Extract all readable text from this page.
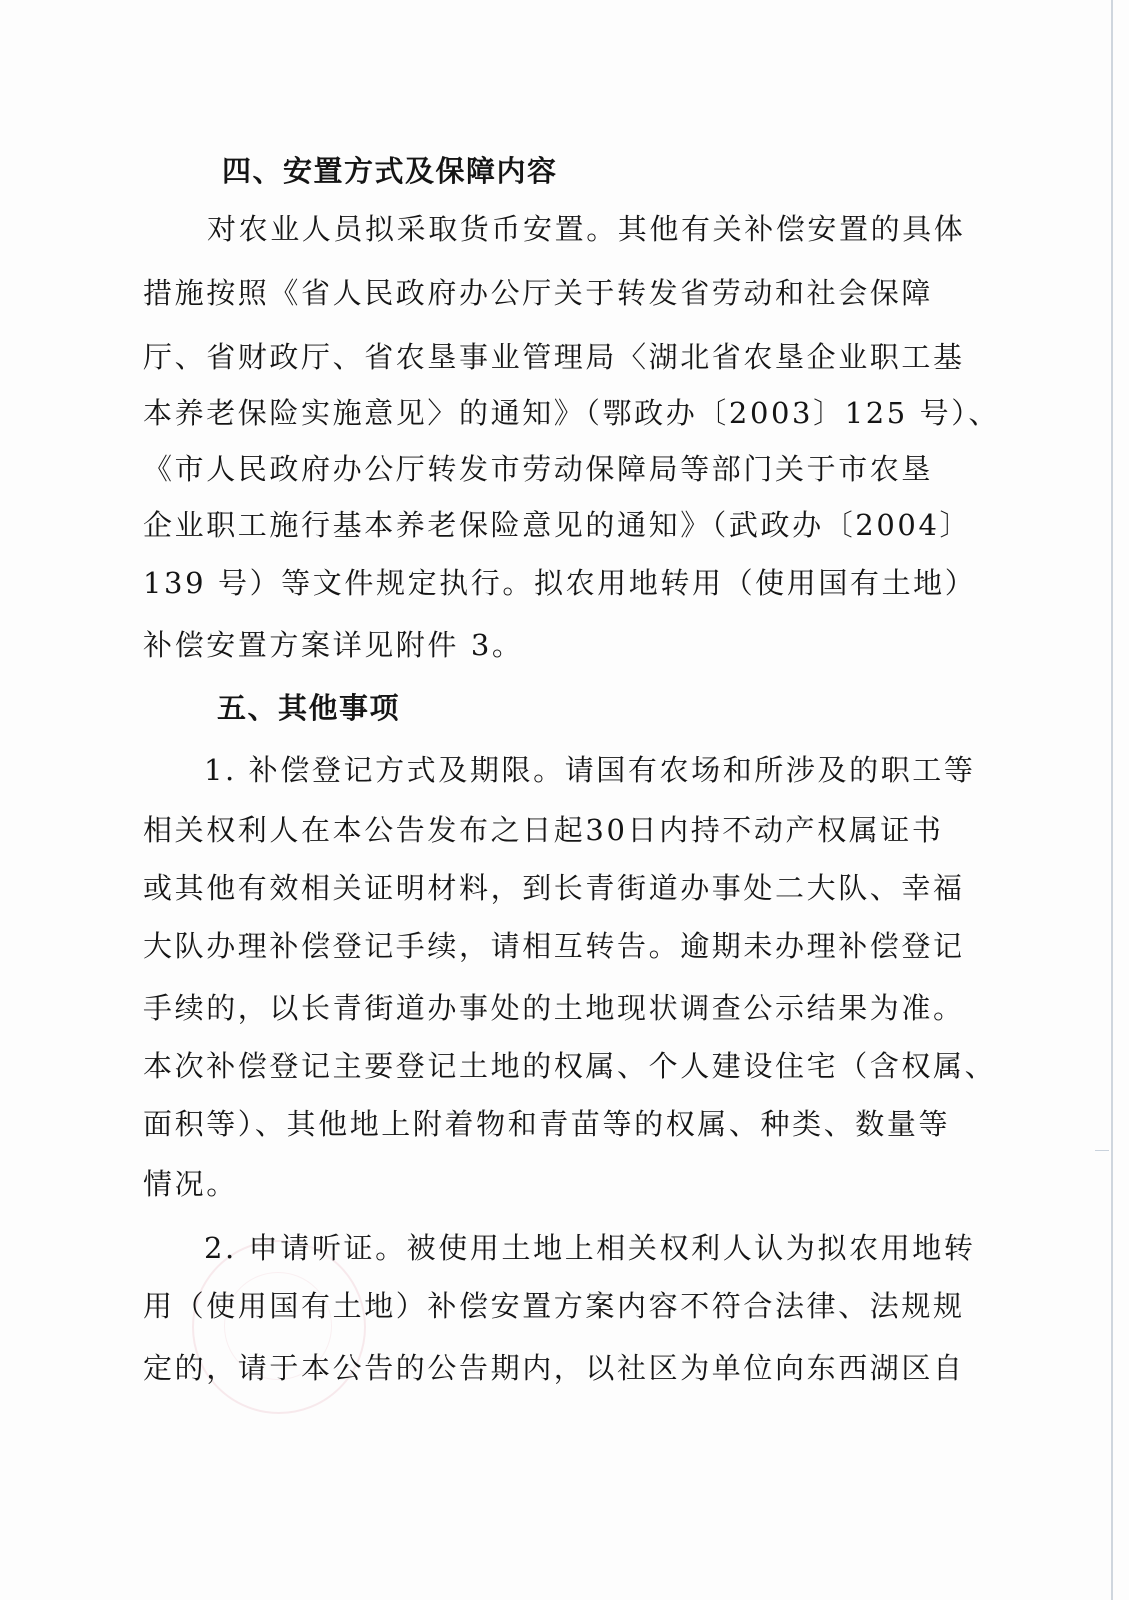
四、安置方式及保障内容
对农业人员拟采取货币安置。其他有关补偿安置的具体
措施按照《省人民政府办公厅关于转发省劳动和社会保障
厅、省财政厅、省农垦事业管理局〈湖北省农垦企业职工基
本养老保险实施意见〉的通知》（鄂政办〔2003〕125 号）、
《市人民政府办公厅转发市劳动保障局等部门关于市农垦
企业职工施行基本养老保险意见的通知》（武政办〔2004〕
139 号）等文件规定执行。拟农用地转用（使用国有土地）
补偿安置方案详见附件 3。
五、其他事项
1. 补偿登记方式及期限。请国有农场和所涉及的职工等
相关权利人在本公告发布之日起30日内持不动产权属证书
或其他有效相关证明材料，到长青街道办事处二大队、幸福
大队办理补偿登记手续，请相互转告。逾期未办理补偿登记
手续的，以长青街道办事处的土地现状调查公示结果为准。
本次补偿登记主要登记土地的权属、个人建设住宅（含权属、
面积等）、其他地上附着物和青苗等的权属、种类、数量等
情况。
2. 申请听证。被使用土地上相关权利人认为拟农用地转
用（使用国有土地）补偿安置方案内容不符合法律、法规规
定的，请于本公告的公告期内，以社区为单位向东西湖区自
